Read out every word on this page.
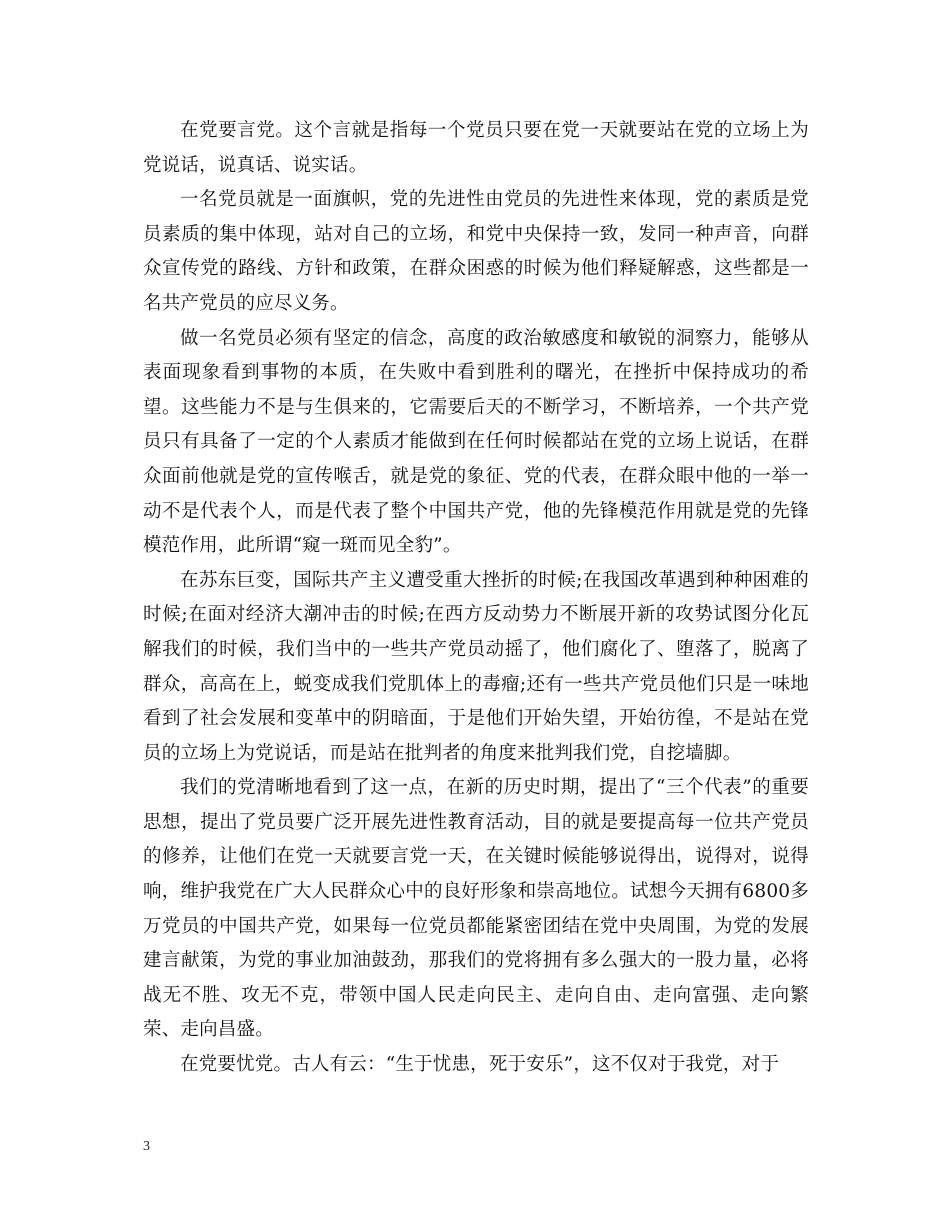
在党要言党。这个言就是指每一个党员只要在党一天就要站在党的立场上为党说话，说真话、说实话。

一名党员就是一面旗帜，党的先进性由党员的先进性来体现，党的素质是党员素质的集中体现，站对自己的立场，和党中央保持一致，发同一种声音，向群众宣传党的路线、方针和政策，在群众困惑的时候为他们释疑解惑，这些都是一名共产党员的应尽义务。

做一名党员必须有坚定的信念，高度的政治敏感度和敏锐的洞察力，能够从表面现象看到事物的本质，在失败中看到胜利的曙光，在挫折中保持成功的希望。这些能力不是与生俱来的，它需要后天的不断学习，不断培养，一个共产党员只有具备了一定的个人素质才能做到在任何时候都站在党的立场上说话，在群众面前他就是党的宣传喉舌，就是党的象征、党的代表，在群众眼中他的一举一动不是代表个人，而是代表了整个中国共产党，他的先锋模范作用就是党的先锋模范作用，此所谓“窥一斑而见全豹”。

在苏东巨变，国际共产主义遭受重大挫折的时候;在我国改革遇到种种困难的时候;在面对经济大潮冲击的时候;在西方反动势力不断展开新的攻势试图分化瓦解我们的时候，我们当中的一些共产党员动摇了，他们腐化了、堕落了，脱离了群众，高高在上，蜕变成我们党肌体上的毒瘤;还有一些共产党员他们只是一味地看到了社会发展和变革中的阴暗面，于是他们开始失望，开始彷徨，不是站在党员的立场上为党说话，而是站在批判者的角度来批判我们党，自挖墙脚。

我们的党清晰地看到了这一点，在新的历史时期，提出了“三个代表”的重要思想，提出了党员要广泛开展先进性教育活动，目的就是要提高每一位共产党员的修养，让他们在党一天就要言党一天，在关键时候能够说得出，说得对，说得响，维护我党在广大人民群众心中的良好形象和崇高地位。试想今天拥有6800多万党员的中国共产党，如果每一位党员都能紧密团结在党中央周围，为党的发展建言献策，为党的事业加油鼓劲，那我们的党将拥有多么强大的一股力量，必将战无不胜、攻无不克，带领中国人民走向民主、走向自由、走向富强、走向繁荣、走向昌盛。

在党要忧党。古人有云：“生于忧患，死于安乐”，这不仅对于我党，对于

3
